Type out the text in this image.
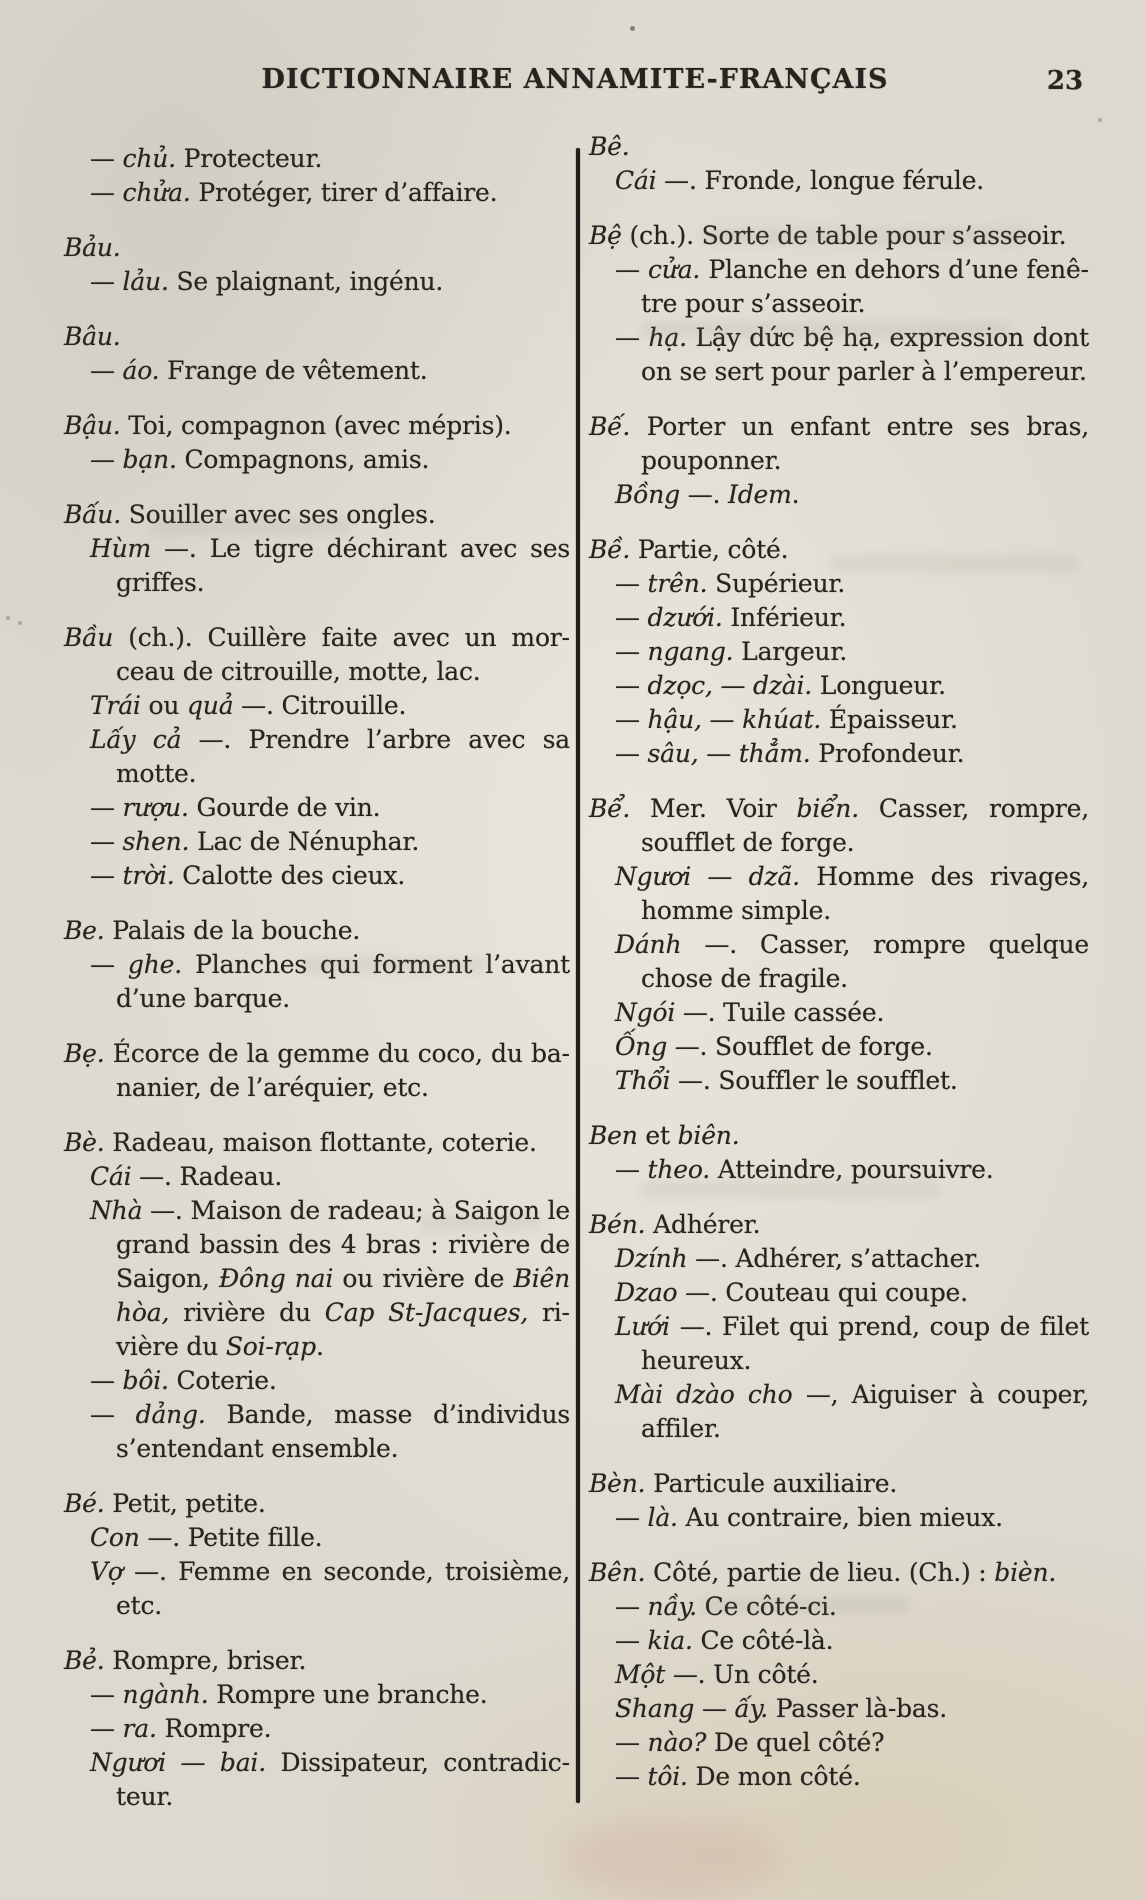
DICTIONNAIRE ANNAMITE-FRANÇAIS	23

— chủ. Protecteur.

— chửa. Protéger, tirer d’affaire.

Bảu.

— lảu. Se plaignant, ingénu.

Bâu.

— áo. Frange de vêtement.

Bậu. Toi, compagnon (avec mépris).

— bạn. Compagnons, amis.

Bấu. Souiller avec ses ongles.

Hùm —. Le tigre déchirant avec ses griffes.

Bầu (ch.). Cuillère faite avec un morceau de citrouille, motte, lac.

Trái ou quả —. Citrouille.

Lấy cả —. Prendre l’arbre avec sa motte.

— rượu. Gourde de vin.

— shen. Lac de Nénuphar.

— trời. Calotte des cieux.

Be. Palais de la bouche.

— ghe. Planches qui forment l’avant d’une barque.

Bẹ. Écorce de la gemme du coco, du bananier, de l’aréquier, etc.

Bè. Radeau, maison flottante, coterie.

Cái —. Radeau.

Nhà —. Maison de radeau; à Saigon le grand bassin des 4 bras : rivière de Saigon, Đông nai ou rivière de Biên hòa, rivière du Cap St-Jacques, rivière du Soi-rạp.

— bôi. Coterie.

— dảng. Bande, masse d’individus s’entendant ensemble.

Bé. Petit, petite.

Con —. Petite fille.

Vợ —. Femme en seconde, troisième, etc.

Bẻ. Rompre, briser.

— ngành. Rompre une branche.

— ra. Rompre.

Ngươi — bai. Dissipateur, contradicteur.

Bê.

Cái —. Fronde, longue férule.

Bệ (ch.). Sorte de table pour s’asseoir.

— cửa. Planche en dehors d’une fenêtre pour s’asseoir.

— hạ. Lậy dức bệ hạ, expression dont on se sert pour parler à l’empereur.

Bế. Porter un enfant entre ses bras, pouponner.

Bồng —. Idem.

Bề. Partie, côté.

— trên. Supérieur.

— dzưới. Inférieur.

— ngang. Largeur.

— dzọc, — dzài. Longueur.

— hậu, — khúat. Épaisseur.

— sâu, — thẳm. Profondeur.

Bể. Mer. Voir biển. Casser, rompre, soufflet de forge.

Ngươi — dzã. Homme des rivages, homme simple.

Dánh —. Casser, rompre quelque chose de fragile.

Ngói —. Tuile cassée.

Ống —. Soufflet de forge.

Thổi —. Souffler le soufflet.

Ben et biên.

— theo. Atteindre, poursuivre.

Bén. Adhérer.

Dzính —. Adhérer, s’attacher.

Dzao —. Couteau qui coupe.

Lưới —. Filet qui prend, coup de filet heureux.

Mài dzào cho —, Aiguiser à couper, affiler.

Bèn. Particule auxiliaire.

— là. Au contraire, bien mieux.

Bên. Côté, partie de lieu. (Ch.) : bièn.

— nầy. Ce côté-ci.

— kia. Ce côté-là.

Một —. Un côté.

Shang — ấy. Passer là-bas.

— nào? De quel côté?

— tôi. De mon côté.
